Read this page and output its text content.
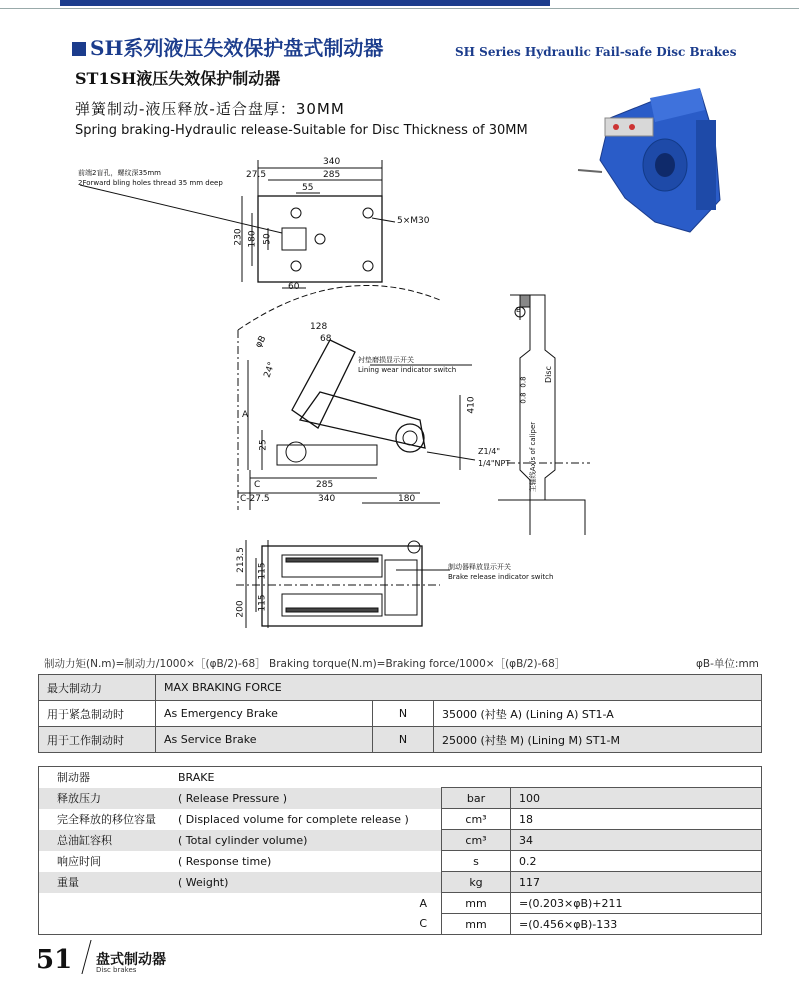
SH系列液压失效保护盘式制动器	SH Series Hydraulic Fail-safe Disc Brakes
ST1SH液压失效保护制动器
弹簧制动-液压释放-适合盘厚：30MM
Spring braking-Hydraulic release-Suitable for Disc Thickness of 30MM
340
27.5	285
55
230 180 50
60
5×M30
前端2盲孔，螺纹深35mm
2Forward bling holes thread 35 mm deep
128
68
24°
25
A
285
C
340
C-27.5	180
410
φB
衬垫磨损显示开关
Lining wear indicator switch
Z1/4"
1/4"NPT
213.5 115
200 115
制动器释放显示开关
Brake release indicator switch
B
Disc
0.8
0.8
主轴线Axis of caliper
制动力矩(N.m)=制动力/1000×［(φB/2)-68］ Braking torque(N.m)=Braking force/1000×［(φB/2)-68］	φB-单位:mm
最大制动力	MAX BRAKING FORCE		
用于紧急制动时	As Emergency Brake	N	35000 (衬垫 A) (Lining A) ST1-A
用于工作制动时	As Service Brake	N	25000 (衬垫 M) (Lining M) ST1-M
制动器	BRAKE		
释放压力	( Release Pressure )	bar	100
完全释放的移位容量	( Displaced volume for complete release )	cm³	18
总油缸容积	( Total cylinder volume)	cm³	34
响应时间	( Response time)	s	0.2
重量	( Weight)	kg	117
	A	mm	=(0.203×φB)+211
	C	mm	=(0.456×φB)-133
51 盘式制动器
Disc brakes
